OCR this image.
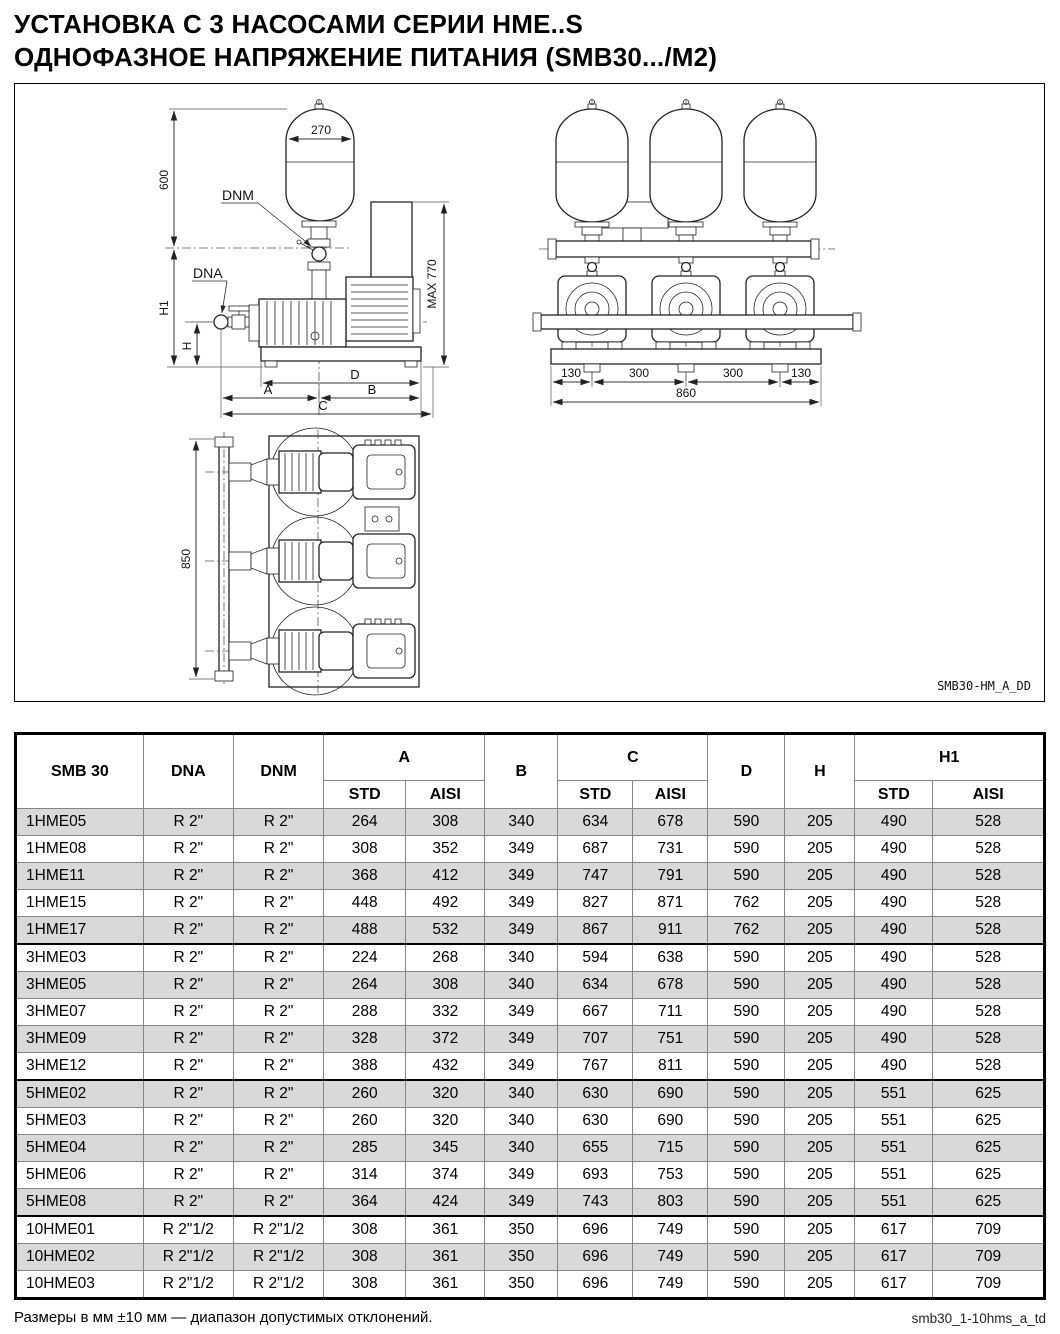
УСТАНОВКА С 3 НАСОСАМИ СЕРИИ HME..S
ОДНОФАЗНОЕ НАПРЯЖЕНИЕ ПИТАНИЯ (SMB30.../M2)
270
DNM
DNA	MAX 770
600
H1
H
D
A	B
C
130	300	300	130
860
850
SMB30-HM_A_DD
SMB 30	DNA	DNM	A		B	C		D	H	H1	
			STD	AISI		STD	AISI			STD	AISI
1HME05	R 2"	R 2"	264	308	340	634	678	590	205	490	528
1HME08	R 2"	R 2"	308	352	349	687	731	590	205	490	528
1HME11	R 2"	R 2"	368	412	349	747	791	590	205	490	528
1HME15	R 2"	R 2"	448	492	349	827	871	762	205	490	528
1HME17	R 2"	R 2"	488	532	349	867	911	762	205	490	528
3HME03	R 2"	R 2"	224	268	340	594	638	590	205	490	528
3HME05	R 2"	R 2"	264	308	340	634	678	590	205	490	528
3HME07	R 2"	R 2"	288	332	349	667	711	590	205	490	528
3HME09	R 2"	R 2"	328	372	349	707	751	590	205	490	528
3HME12	R 2"	R 2"	388	432	349	767	811	590	205	490	528
5HME02	R 2"	R 2"	260	320	340	630	690	590	205	551	625
5HME03	R 2"	R 2"	260	320	340	630	690	590	205	551	625
5HME04	R 2"	R 2"	285	345	340	655	715	590	205	551	625
5HME06	R 2"	R 2"	314	374	349	693	753	590	205	551	625
5HME08	R 2"	R 2"	364	424	349	743	803	590	205	551	625
10HME01	R 2"1/2	R 2"1/2	308	361	350	696	749	590	205	617	709
10HME02	R 2"1/2	R 2"1/2	308	361	350	696	749	590	205	617	709
10HME03	R 2"1/2	R 2"1/2	308	361	350	696	749	590	205	617	709
Размеры в мм ±10 мм — диапазон допустимых отклонений.	smb30_1-10hms_a_td
